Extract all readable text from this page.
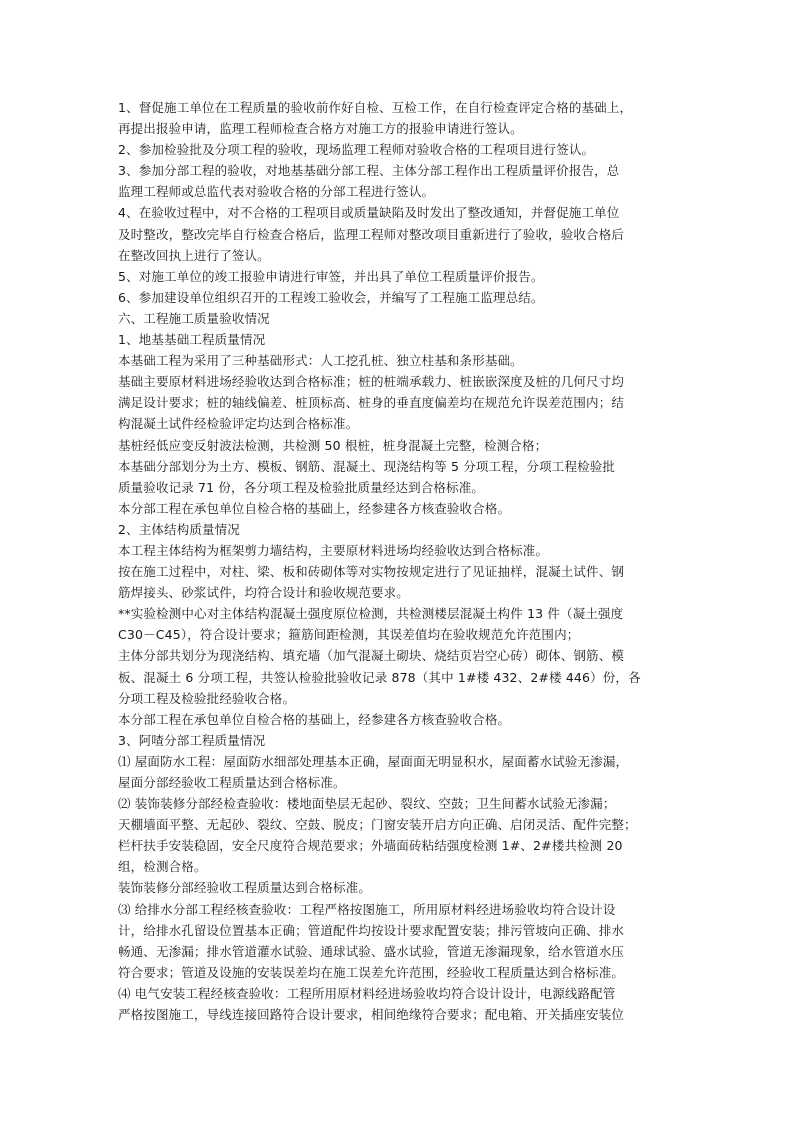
1、督促施工单位在工程质量的验收前作好自检、互检工作，在自行检查评定合格的基础上，

再提出报验申请，监理工程师检查合格方对施工方的报验申请进行签认。

2、参加检验批及分项工程的验收，现场监理工程师对验收合格的工程项目进行签认。

3、参加分部工程的验收，对地基基础分部工程、主体分部工程作出工程质量评价报告，总

监理工程师或总监代表对验收合格的分部工程进行签认。

4、在验收过程中，对不合格的工程项目或质量缺陷及时发出了整改通知，并督促施工单位

及时整改，整改完毕自行检查合格后，监理工程师对整改项目重新进行了验收，验收合格后

在整改回执上进行了签认。

5、对施工单位的竣工报验申请进行审签，并出具了单位工程质量评价报告。

6、参加建设单位组织召开的工程竣工验收会，并编写了工程施工监理总结。

六、工程施工质量验收情况

1、地基基础工程质量情况

本基础工程为采用了三种基础形式：人工挖孔桩、独立柱基和条形基础。

基础主要原材料进场经验收达到合格标准；桩的桩端承载力、桩嵌嵌深度及桩的几何尺寸均

满足设计要求；桩的轴线偏差、桩顶标高、桩身的垂直度偏差均在规范允许误差范围内；结

构混凝土试件经检验评定均达到合格标准。

基桩经低应变反射波法检测，共检测 50 根桩，桩身混凝土完整，检测合格；

本基础分部划分为土方、模板、钢筋、混凝土、现浇结构等 5 分项工程，分项工程检验批

质量验收记录 71 份，各分项工程及检验批质量经达到合格标准。

本分部工程在承包单位自检合格的基础上，经参建各方核查验收合格。

2、主体结构质量情况

本工程主体结构为框架剪力墙结构，主要原材料进场均经验收达到合格标准。

按在施工过程中，对柱、梁、板和砖砌体等对实物按规定进行了见证抽样，混凝土试件、钢

筋焊接头、砂浆试件，均符合设计和验收规范要求。

**实验检测中心对主体结构混凝土强度原位检测，共检测楼层混凝土构件 13 件（凝土强度

C30－C45），符合设计要求；箍筋间距检测，其误差值均在验收规范允许范围内；

主体分部共划分为现浇结构、填充墙（加气混凝土砌块、烧结页岩空心砖）砌体、钢筋、模

板、混凝土 6 分项工程，共签认检验批验收记录 878（其中 1#楼 432、2#楼 446）份，各

分项工程及检验批经验收合格。

本分部工程在承包单位自检合格的基础上，经参建各方核查验收合格。

3、阿喳分部工程质量情况

⑴ 屋面防水工程：屋面防水细部处理基本正确，屋面面无明显积水，屋面蓄水试验无渗漏，

屋面分部经验收工程质量达到合格标准。

⑵ 装饰装修分部经检查验收：楼地面垫层无起砂、裂纹、空鼓；卫生间蓄水试验无渗漏；

天棚墙面平整、无起砂、裂纹、空鼓、脱皮；门窗安装开启方向正确、启闭灵活、配件完整；

栏杆扶手安装稳固，安全尺度符合规范要求；外墙面砖粘结强度检测 1#、2#楼共检测 20

组，检测合格。

装饰装修分部经验收工程质量达到合格标准。

⑶ 给排水分部工程经核查验收：工程严格按图施工，所用原材料经进场验收均符合设计设

计，给排水孔留设位置基本正确；管道配件均按设计要求配置安装；排污管坡向正确、排水

畅通、无渗漏；排水管道灌水试验、通球试验、盛水试验，管道无渗漏现象，给水管道水压

符合要求；管道及设施的安装误差均在施工误差允许范围，经验收工程质量达到合格标准。

⑷ 电气安装工程经核查验收：工程所用原材料经进场验收均符合设计设计，电源线路配管

严格按图施工，导线连接回路符合设计要求，相间绝缘符合要求；配电箱、开关插座安装位
